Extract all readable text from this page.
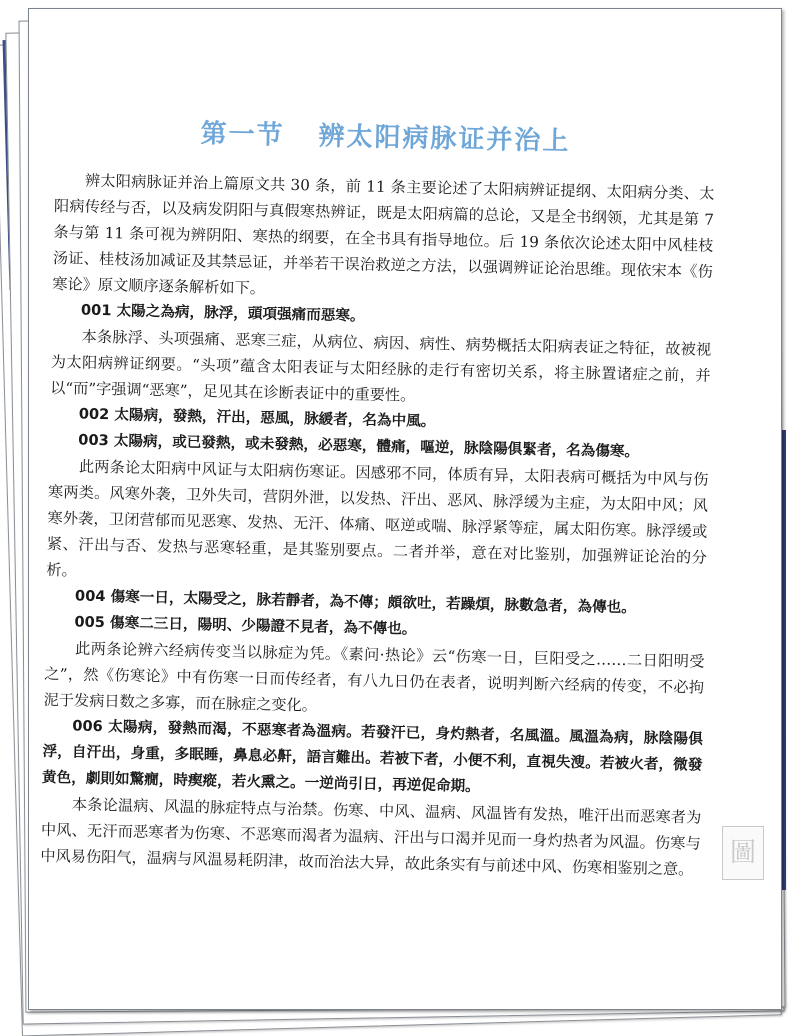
第一节 辨太阳病脉证并治上

辨太阳病脉证并治上篇原文共 30 条，前 11 条主要论述了太阳病辨证提纲、太阳病分类、太阳病传经与否，以及病发阴阳与真假寒热辨证，既是太阳病篇的总论，又是全书纲领，尤其是第 7 条与第 11 条可视为辨阴阳、寒热的纲要，在全书具有指导地位。后 19 条依次论述太阳中风桂枝汤证、桂枝汤加减证及其禁忌证，并举若干误治救逆之方法，以强调辨证论治思维。现依宋本《伤寒论》原文顺序逐条解析如下。

001 太陽之為病，脉浮，頭項强痛而惡寒。

本条脉浮、头项强痛、恶寒三症，从病位、病因、病性、病势概括太阳病表证之特征，故被视为太阳病辨证纲要。“头项”蕴含太阳表证与太阳经脉的走行有密切关系，将主脉置诸症之前，并以“而”字强调“恶寒”，足见其在诊断表证中的重要性。

002 太陽病，發熱，汗出，惡風，脉緩者，名為中風。

003 太陽病，或已發熱，或未發熱，必惡寒，體痛，嘔逆，脉陰陽俱緊者，名為傷寒。

此两条论太阳病中风证与太阳病伤寒证。因感邪不同，体质有异，太阳表病可概括为中风与伤寒两类。风寒外袭，卫外失司，营阴外泄，以发热、汗出、恶风、脉浮缓为主症，为太阳中风；风寒外袭，卫闭营郁而见恶寒、发热、无汗、体痛、呕逆或喘、脉浮紧等症，属太阳伤寒。脉浮缓或紧、汗出与否、发热与恶寒轻重，是其鉴别要点。二者并举，意在对比鉴别，加强辨证论治的分析。

004 傷寒一日，太陽受之，脉若靜者，為不傳；頗欲吐，若躁煩，脉數急者，為傳也。

005 傷寒二三日，陽明、少陽證不見者，為不傳也。

此两条论辨六经病传变当以脉症为凭。《素问·热论》云“伤寒一日，巨阳受之……二日阳明受之”，然《伤寒论》中有伤寒一日而传经者，有八九日仍在表者，说明判断六经病的传变，不必拘泥于发病日数之多寡，而在脉症之变化。

006 太陽病，發熱而渴，不惡寒者為溫病。若發汗已，身灼熱者，名風溫。風溫為病，脉陰陽俱浮，自汗出，身重，多眠睡，鼻息必鼾，語言難出。若被下者，小便不利，直視失溲。若被火者，微發黄色，劇則如驚癇，時瘈瘲，若火熏之。一逆尚引日，再逆促命期。

本条论温病、风温的脉症特点与治禁。伤寒、中风、温病、风温皆有发热，唯汗出而恶寒者为中风、无汗而恶寒者为伤寒、不恶寒而渴者为温病、汗出与口渴并见而一身灼热者为风温。伤寒与中风易伤阳气，温病与风温易耗阴津，故而治法大异，故此条实有与前述中风、伤寒相鉴别之意。	圖
